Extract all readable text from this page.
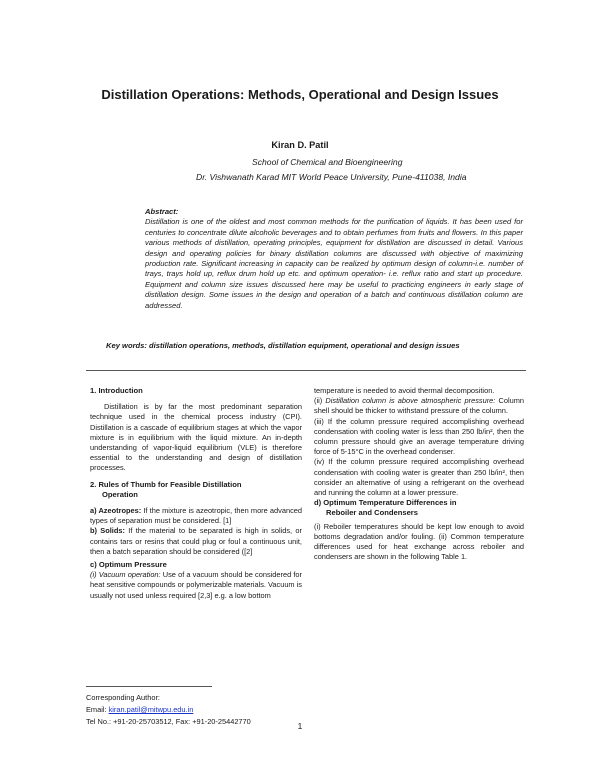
Distillation Operations: Methods, Operational and Design Issues
Kiran D. Patil
School of Chemical and Bioengineering
Dr. Vishwanath Karad MIT World Peace University, Pune-411038, India
Abstract:
Distillation is one of the oldest and most common methods for the purification of liquids. It has been used for centuries to concentrate dilute alcoholic beverages and to obtain perfumes from fruits and flowers. In this paper various methods of distillation, operating principles, equipment for distillation are discussed in detail. Various design and operating policies for binary distillation columns are discussed with objective of maximizing production rate. Significant increasing in capacity can be realized by optimum design of column-i.e. number of trays, trays hold up, reflux drum hold up etc. and optimum operation- i.e. reflux ratio and start up procedure. Equipment and column size issues discussed here may be useful to practicing engineers in early stage of distillation design. Some issues in the design and operation of a batch and continuous distillation column are addressed.
Key words: distillation operations, methods, distillation equipment, operational and design issues
1. Introduction

Distillation is by far the most predominant separation technique used in the chemical process industry (CPI). Distillation is a cascade of equilibrium stages at which the vapor mixture is in equilibrium with the liquid mixture. An in-depth understanding of vapor-liquid equilibrium (VLE) is therefore essential to the understanding and design of distillation processes.

2. Rules of Thumb for Feasible Distillation
Operation

a) Azeotropes: If the mixture is azeotropic, then more advanced types of separation must be considered. [1]

b) Solids: If the material to be separated is high in solids, or contains tars or resins that could plug or foul a continuous unit, then a batch separation should be considered ([2]

c) Optimum Pressure

(i) Vacuum operation: Use of a vacuum should be considered for heat sensitive compounds or polymerizable materials. Vacuum is usually not used unless required [2,3] e.g. a low bottom

temperature is needed to avoid thermal decomposition.

(ii) Distillation column is above atmospheric pressure: Column shell should be thicker to withstand pressure of the column.

(iii) If the column pressure required accomplishing overhead condensation with cooling water is less than 250 lb/in², then the column pressure should give an average temperature driving force of 5-15°C in the overhead condenser.

(iv) If the column pressure required accomplishing overhead condensation with cooling water is greater than 250 lb/in², then consider an alternative of using a refrigerant on the overhead and running the column at a lower pressure.

d) Optimum Temperature Differences in
Reboiler and Condensers

(i) Reboiler temperatures should be kept low enough to avoid bottoms degradation and/or fouling. (ii) Common temperature differences used for heat exchange across reboiler and condensers are shown in the following Table 1.

Corresponding Author:
Email: kiran.patil@mitwpu.edu.in
Tel No.: +91-20-25703512, Fax: +91-20-25442770	1
